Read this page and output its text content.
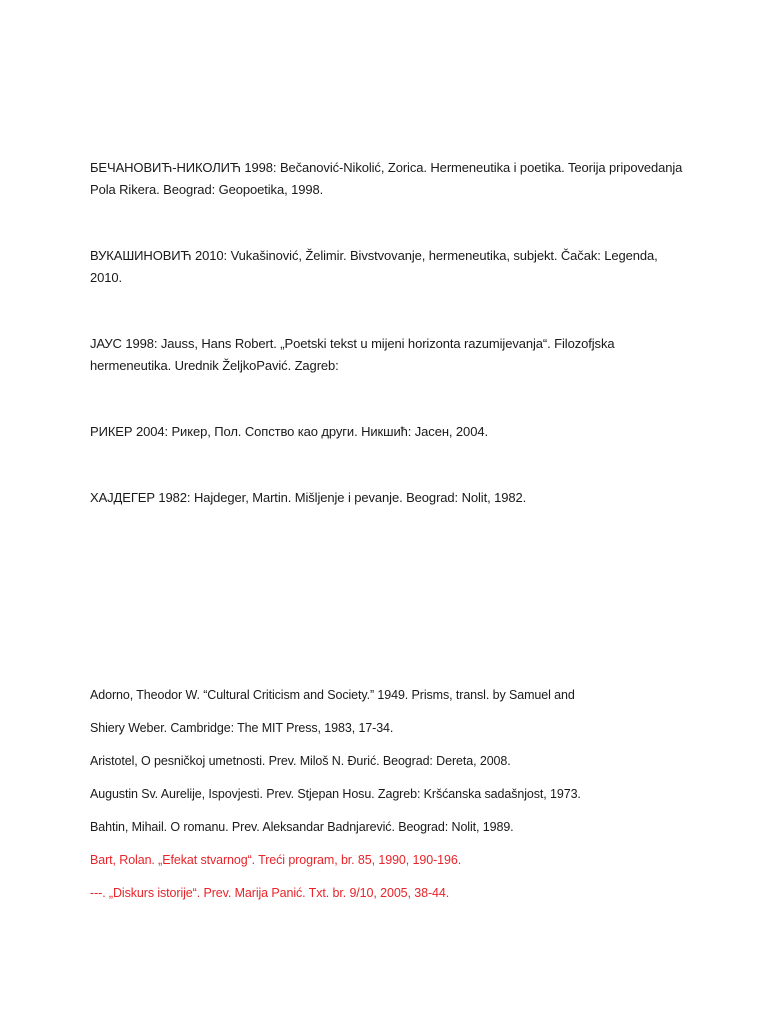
БЕЧАНОВИЋ-НИКОЛИЋ 1998: Bečanović-Nikolić, Zorica. Hermeneutika i poetika. Teorija pripovedanja Pola Rikera. Beograd: Geopoetika, 1998.

ВУКАШИНОВИЋ 2010: Vukašinović, Želimir. Bivstvovanje, hermeneutika, subjekt. Čačak: Legenda, 2010.

ЈАУС 1998: Jauss, Hans Robert. „Poetski tekst u mijeni horizonta razumijevanja“. Filozofjska hermeneutika. Urednik ŽeljkoPavić. Zagreb:

РИКЕР 2004: Рикер, Пол. Сопство као други. Никшић: Јасен, 2004.

ХАЈДЕГЕР 1982: Hajdeger, Martin. Mišljenje i pevanje. Beograd: Nolit, 1982.

Adorno, Theodor W. “Cultural Criticism and Society.” 1949. Prisms, transl. by Samuel and

Shiery Weber. Cambridge: The MIT Press, 1983, 17-34.

Aristotel, O pesničkoj umetnosti. Prev. Miloš N. Đurić. Beograd: Dereta, 2008.

Augustin Sv. Aurelije, Ispovjesti. Prev. Stjepan Hosu. Zagreb: Kršćanska sadašnjost, 1973.

Bahtin, Mihail. O romanu. Prev. Aleksandar Badnjarević. Beograd: Nolit, 1989.

Bart, Rolan. „Efekat stvarnog“. Treći program, br. 85, 1990, 190-196.

---. „Diskurs istorije“. Prev. Marija Panić. Txt. br. 9/10, 2005, 38-44.
